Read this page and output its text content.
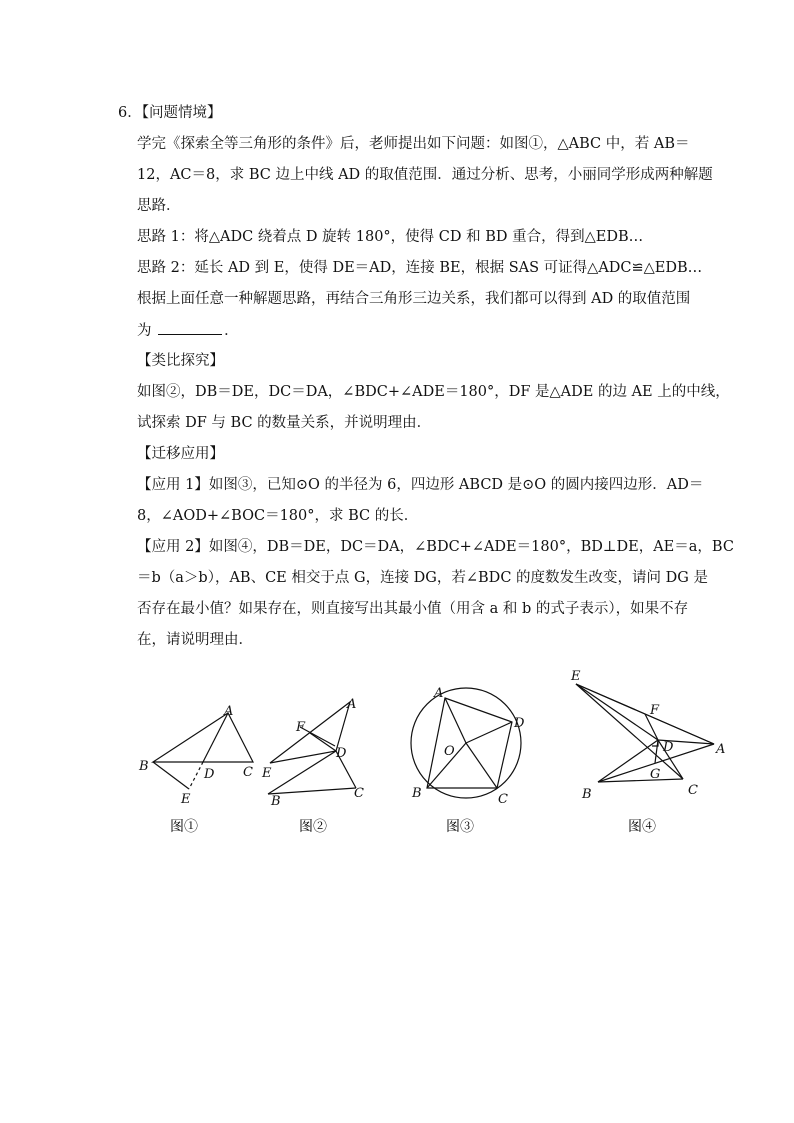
6．【问题情境】
学完《探索全等三角形的条件》后，老师提出如下问题：如图①，△ABC 中，若 AB＝
12，AC＝8，求 BC 边上中线 AD 的取值范围．通过分析、思考，小丽同学形成两种解题
思路．
思路 1：将△ADC 绕着点 D 旋转 180°，使得 CD 和 BD 重合，得到△EDB…
思路 2：延长 AD 到 E，使得 DE＝AD，连接 BE，根据 SAS 可证得△ADC≌△EDB…
根据上面任意一种解题思路，再结合三角形三边关系，我们都可以得到 AD 的取值范围
为	．
【类比探究】
如图②，DB＝DE，DC＝DA，∠BDC+∠ADE＝180°，DF 是△ADE 的边 AE 上的中线，
试探索 DF 与 BC 的数量关系，并说明理由．
【迁移应用】
【应用 1】如图③，已知⊙O 的半径为 6，四边形 ABCD 是⊙O 的圆内接四边形．AD＝
8，∠AOD+∠BOC＝180°，求 BC 的长．
【应用 2】如图④，DB＝DE，DC＝DA，∠BDC+∠ADE＝180°，BD⊥DE，AE＝a，BC
＝b（a＞b），AB、CE 相交于点 G，连接 DG，若∠BDC 的度数发生改变，请问 DG 是
否存在最小值？如果存在，则直接写出其最小值（用含 a 和 b 的式子表示），如果不存
在，请说明理由．
A
B	C
D
E
图①
A
F
D
E
B
C
图②
A
D
O
B	C
图③
E
F
D	A
G
B	C
图④
